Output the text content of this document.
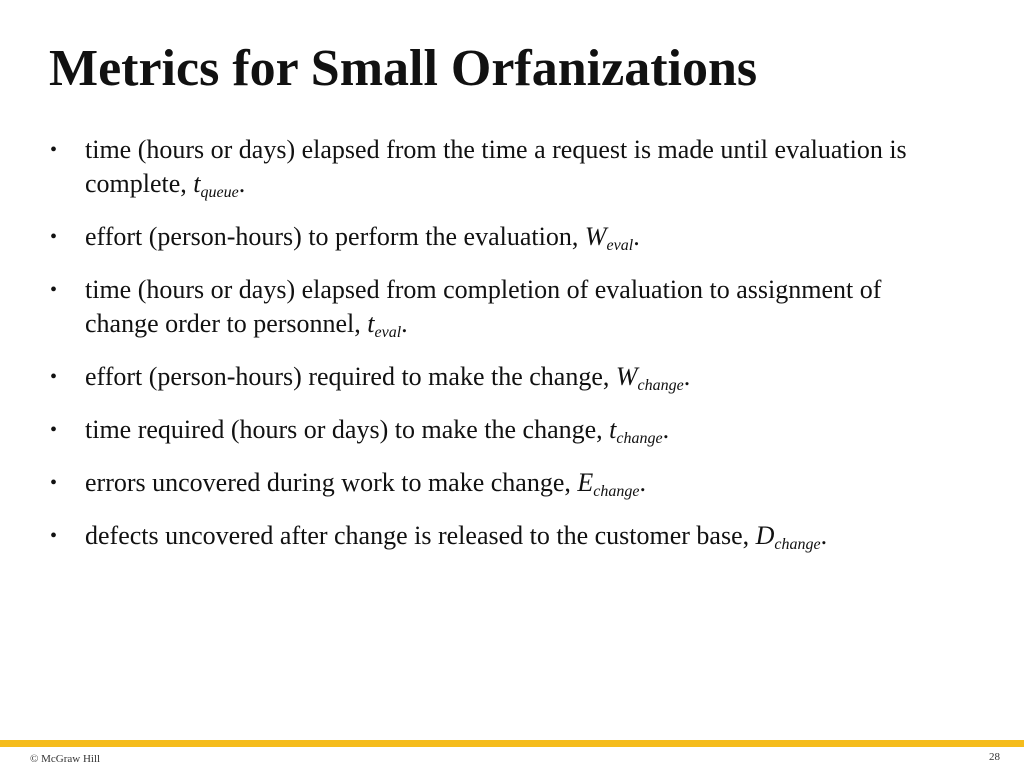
Metrics for Small Orfanizations
•	time (hours or days) elapsed from the time a request is made until evaluation is complete, $t_{queue}$.
•	effort (person-hours) to perform the evaluation, $W_{eval}$.
•	time (hours or days) elapsed from completion of evaluation to assignment of change order to personnel, $t_{eval}$.
•	effort (person-hours) required to make the change, $W_{change}$.
•	time required (hours or days) to make the change, $t_{change}$.
•	errors uncovered during work to make change, $E_{change}$.
•	defects uncovered after change is released to the customer base, $D_{change}$.
© McGraw Hill	28
